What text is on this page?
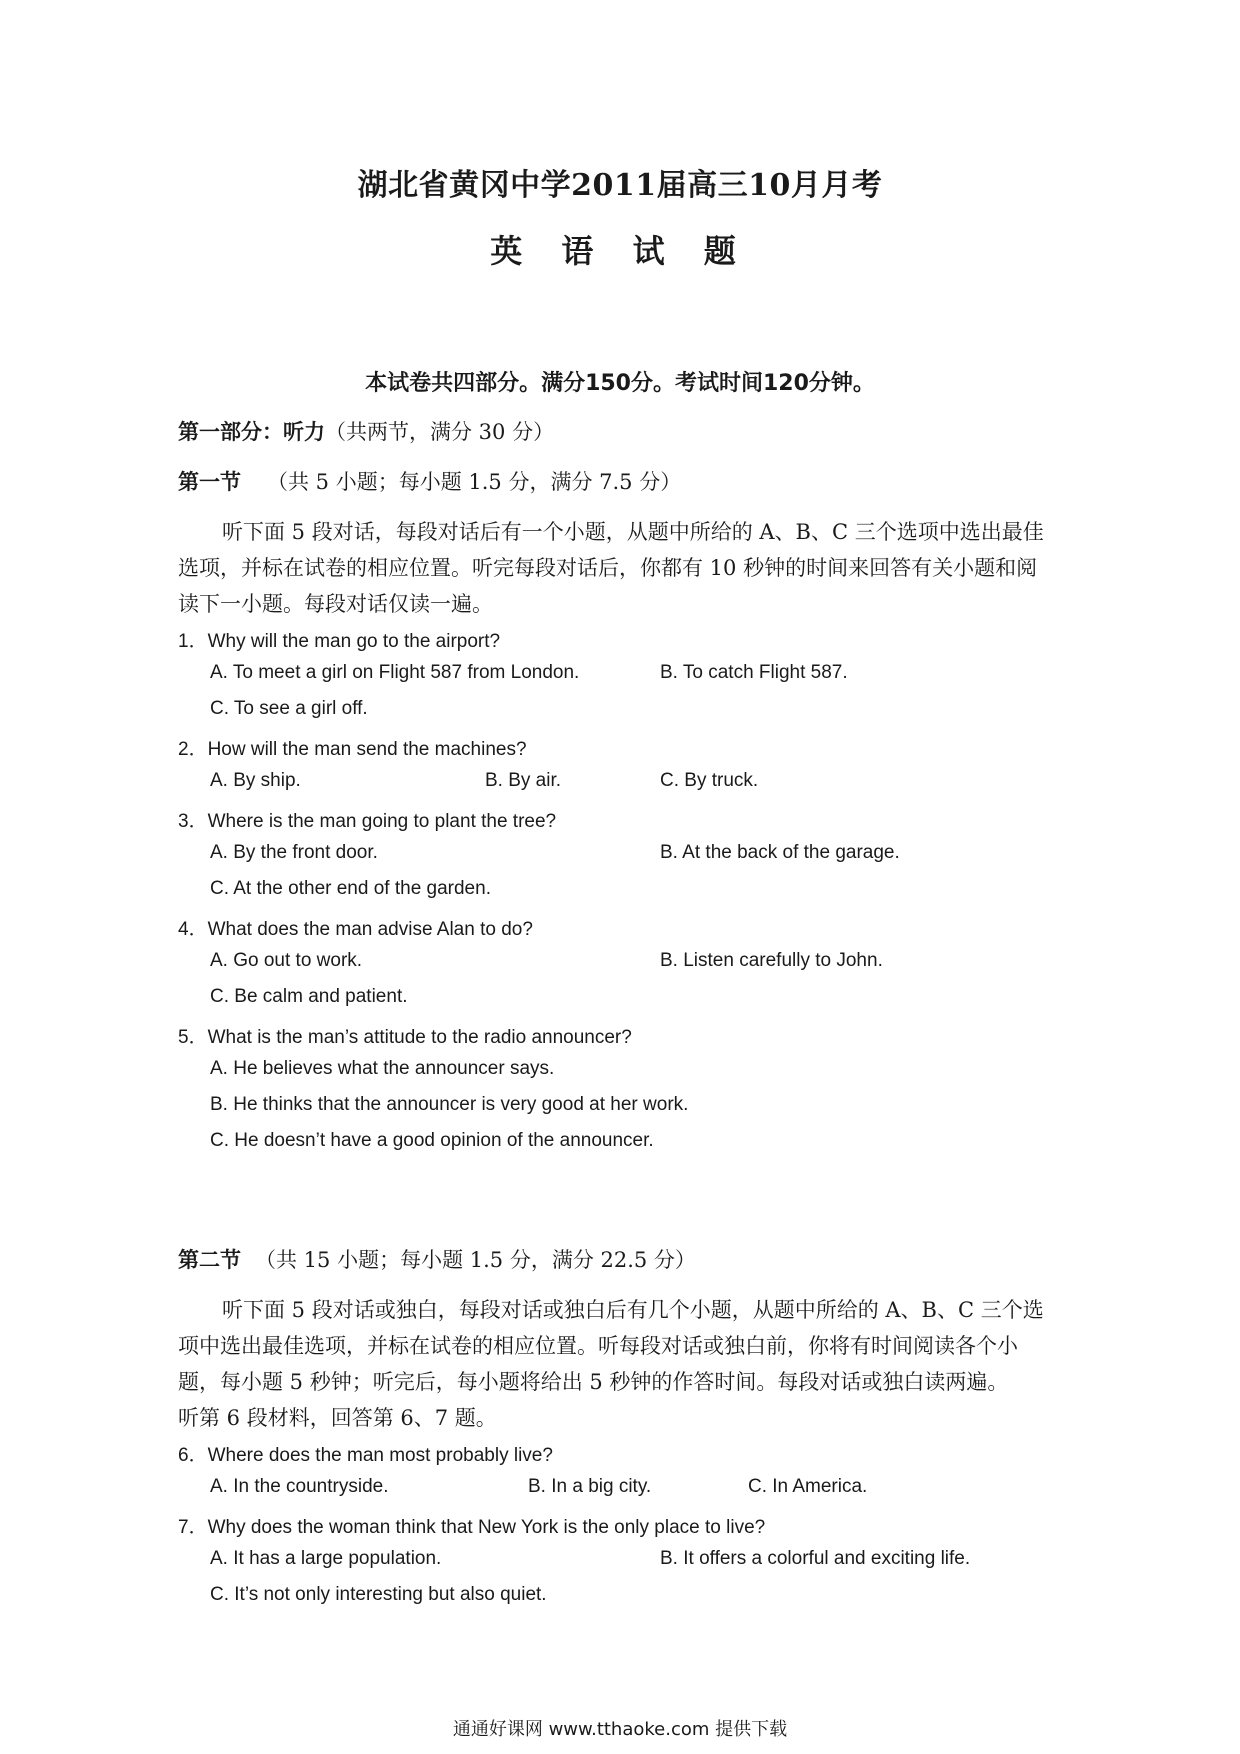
湖北省黄冈中学2011届高三10月月考
英 语 试 题
本试卷共四部分。满分150分。考试时间120分钟。
第一部分：听力（共两节，满分 30 分）
第一节 （共 5 小题；每小题 1.5 分，满分 7.5 分）
听下面 5 段对话，每段对话后有一个小题，从题中所给的 A、B、C 三个选项中选出最佳
选项，并标在试卷的相应位置。听完每段对话后，你都有 10 秒钟的时间来回答有关小题和阅
读下一小题。每段对话仅读一遍。
1．Why will the man go to the airport?
A. To meet a girl on Flight 587 from London.	B. To catch Flight 587.
C. To see a girl off.
2．How will the man send the machines?
A. By ship.	B. By air.	C. By truck.
3．Where is the man going to plant the tree?
A. By the front door.	B. At the back of the garage.
C. At the other end of the garden.
4．What does the man advise Alan to do?
A. Go out to work.	B. Listen carefully to John.
C. Be calm and patient.
5．What is the man’s attitude to the radio announcer?
A. He believes what the announcer says.
B. He thinks that the announcer is very good at her work.
C. He doesn’t have a good opinion of the announcer.
第二节 （共 15 小题；每小题 1.5 分，满分 22.5 分）
听下面 5 段对话或独白，每段对话或独白后有几个小题，从题中所给的 A、B、C 三个选
项中选出最佳选项，并标在试卷的相应位置。听每段对话或独白前，你将有时间阅读各个小
题，每小题 5 秒钟；听完后，每小题将给出 5 秒钟的作答时间。每段对话或独白读两遍。
听第 6 段材料，回答第 6、7 题。
6．Where does the man most probably live?
A. In the countryside.	B. In a big city.	C. In America.
7．Why does the woman think that New York is the only place to live?
A. It has a large population.	B. It offers a colorful and exciting life.
C. It’s not only interesting but also quiet.
通通好课网 www.tthaoke.com 提供下载
